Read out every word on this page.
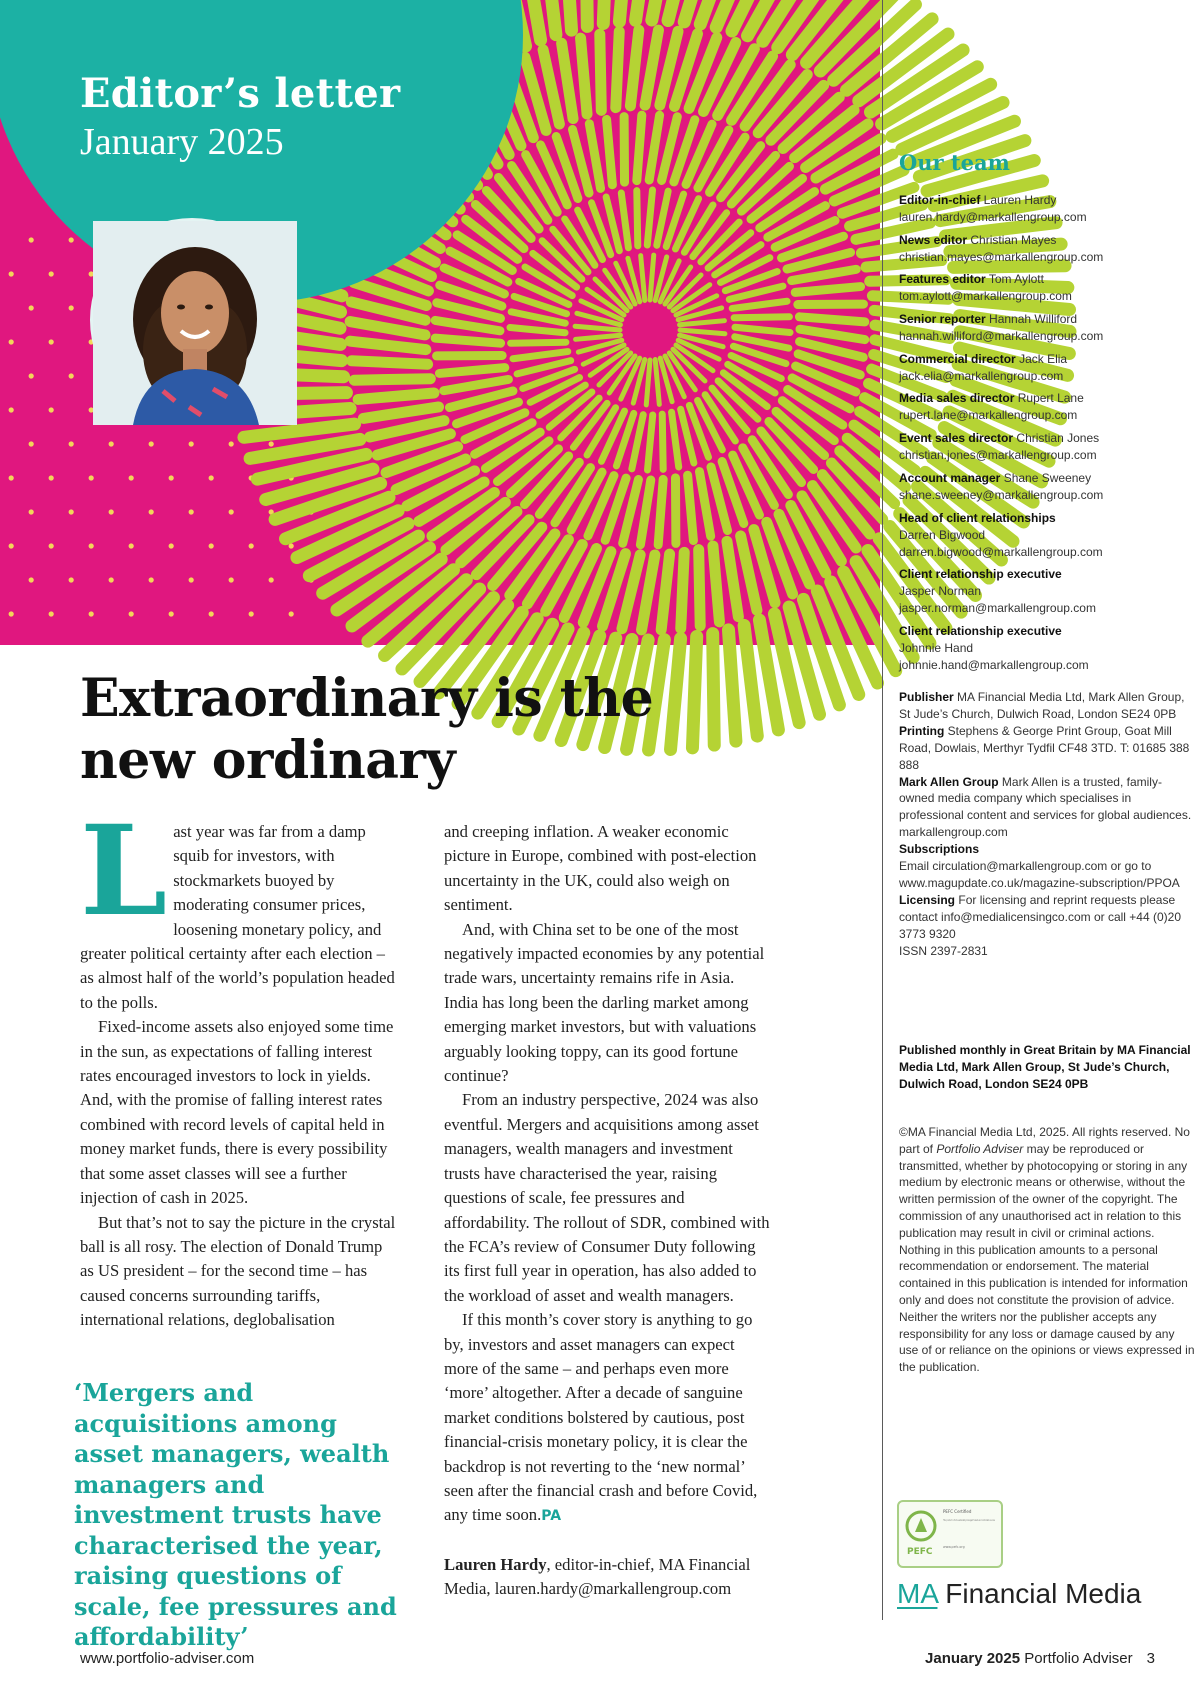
Editor’s letter
January 2025
Extraordinary is the new ordinary

Last year was far from a damp squib for investors, with stockmarkets buoyed by moderating consumer prices, loosening monetary policy, and greater political certainty after each election – as almost half of the world’s population headed to the polls.

Fixed-income assets also enjoyed some time in the sun, as expectations of falling interest rates encouraged investors to lock in yields. And, with the promise of falling interest rates combined with record levels of capital held in money market funds, there is every possibility that some asset classes will see a further injection of cash in 2025.

But that’s not to say the picture in the crystal ball is all rosy. The election of Donald Trump as US president – for the second time – has caused concerns surrounding tariffs, international relations, deglobalisation

and creeping inflation. A weaker economic picture in Europe, combined with post-election uncertainty in the UK, could also weigh on sentiment.

And, with China set to be one of the most negatively impacted economies by any potential trade wars, uncertainty remains rife in Asia. India has long been the darling market among emerging market investors, but with valuations arguably looking toppy, can its good fortune continue?

From an industry perspective, 2024 was also eventful. Mergers and acquisitions among asset managers, wealth managers and investment trusts have characterised the year, raising questions of scale, fee pressures and affordability. The rollout of SDR, combined with the FCA’s review of Consumer Duty following its first full year in operation, has also added to the workload of asset and wealth managers.

If this month’s cover story is anything to go by, investors and asset managers can expect more of the same – and perhaps even more ‘more’ altogether. After a decade of sanguine market conditions bolstered by cautious, post financial-crisis monetary policy, it is clear the backdrop is not reverting to the ‘new normal’ seen after the financial crash and before Covid, any time soon.PA

Lauren Hardy, editor-in-chief, MA Financial Media, lauren.hardy@markallengroup.com

‘Mergers and acquisitions among asset managers, wealth managers and investment trusts have characterised the year, raising questions of scale, fee pressures and affordability’
Our team
Editor-in-chief Lauren Hardy
lauren.hardy@markallengroup.com
News editor Christian Mayes
christian.mayes@markallengroup.com
Features editor Tom Aylott
tom.aylott@markallengroup.com
Senior reporter Hannah Williford
hannah.williford@markallengroup.com
Commercial director Jack Elia
jack.elia@markallengroup.com
Media sales director Rupert Lane
rupert.lane@markallengroup.com
Event sales director Christian Jones
christian.jones@markallengroup.com
Account manager Shane Sweeney
shane.sweeney@markallengroup.com
Head of client relationships
Darren Bigwood
darren.bigwood@markallengroup.com
Client relationship executive
Jasper Norman
jasper.norman@markallengroup.com
Client relationship executive
Johnnie Hand
johnnie.hand@markallengroup.com
Publisher MA Financial Media Ltd, Mark Allen Group, St Jude’s Church, Dulwich Road, London SE24 0PB
Printing Stephens & George Print Group, Goat Mill Road, Dowlais, Merthyr Tydfil CF48 3TD. T: 01685 388 888
Mark Allen Group Mark Allen is a trusted, family-owned media company which specialises in professional content and services for global audiences. markallengroup.com
Subscriptions
Email circulation@markallengroup.com or go to www.magupdate.co.uk/magazine-subscription/PPOA
Licensing For licensing and reprint requests please contact info@medialicensingco.com or call +44 (0)20 3773 9320
ISSN 2397-2831
Published monthly in Great Britain by MA Financial Media Ltd, Mark Allen Group, St Jude’s Church, Dulwich Road, London SE24 0PB
©MA Financial Media Ltd, 2025. All rights reserved. No part of Portfolio Adviser may be reproduced or transmitted, whether by photocopying or storing in any medium by electronic means or otherwise, without the written permission of the owner of the copyright. The commission of any unauthorised act in relation to this publication may result in civil or criminal actions. Nothing in this publication amounts to a personal recommendation or endorsement. The material contained in this publication is intended for information only and does not constitute the provision of advice. Neither the writers nor the publisher accepts any responsibility for any loss or damage caused by any use of or reliance on the opinions or views expressed in the publication.
PEFC
PEFC Certified
This product is from sustainably managed forests and controlled sources
www.pefc.org
MA Financial Media
www.portfolio-adviser.com	January 2025 Portfolio Adviser 3
